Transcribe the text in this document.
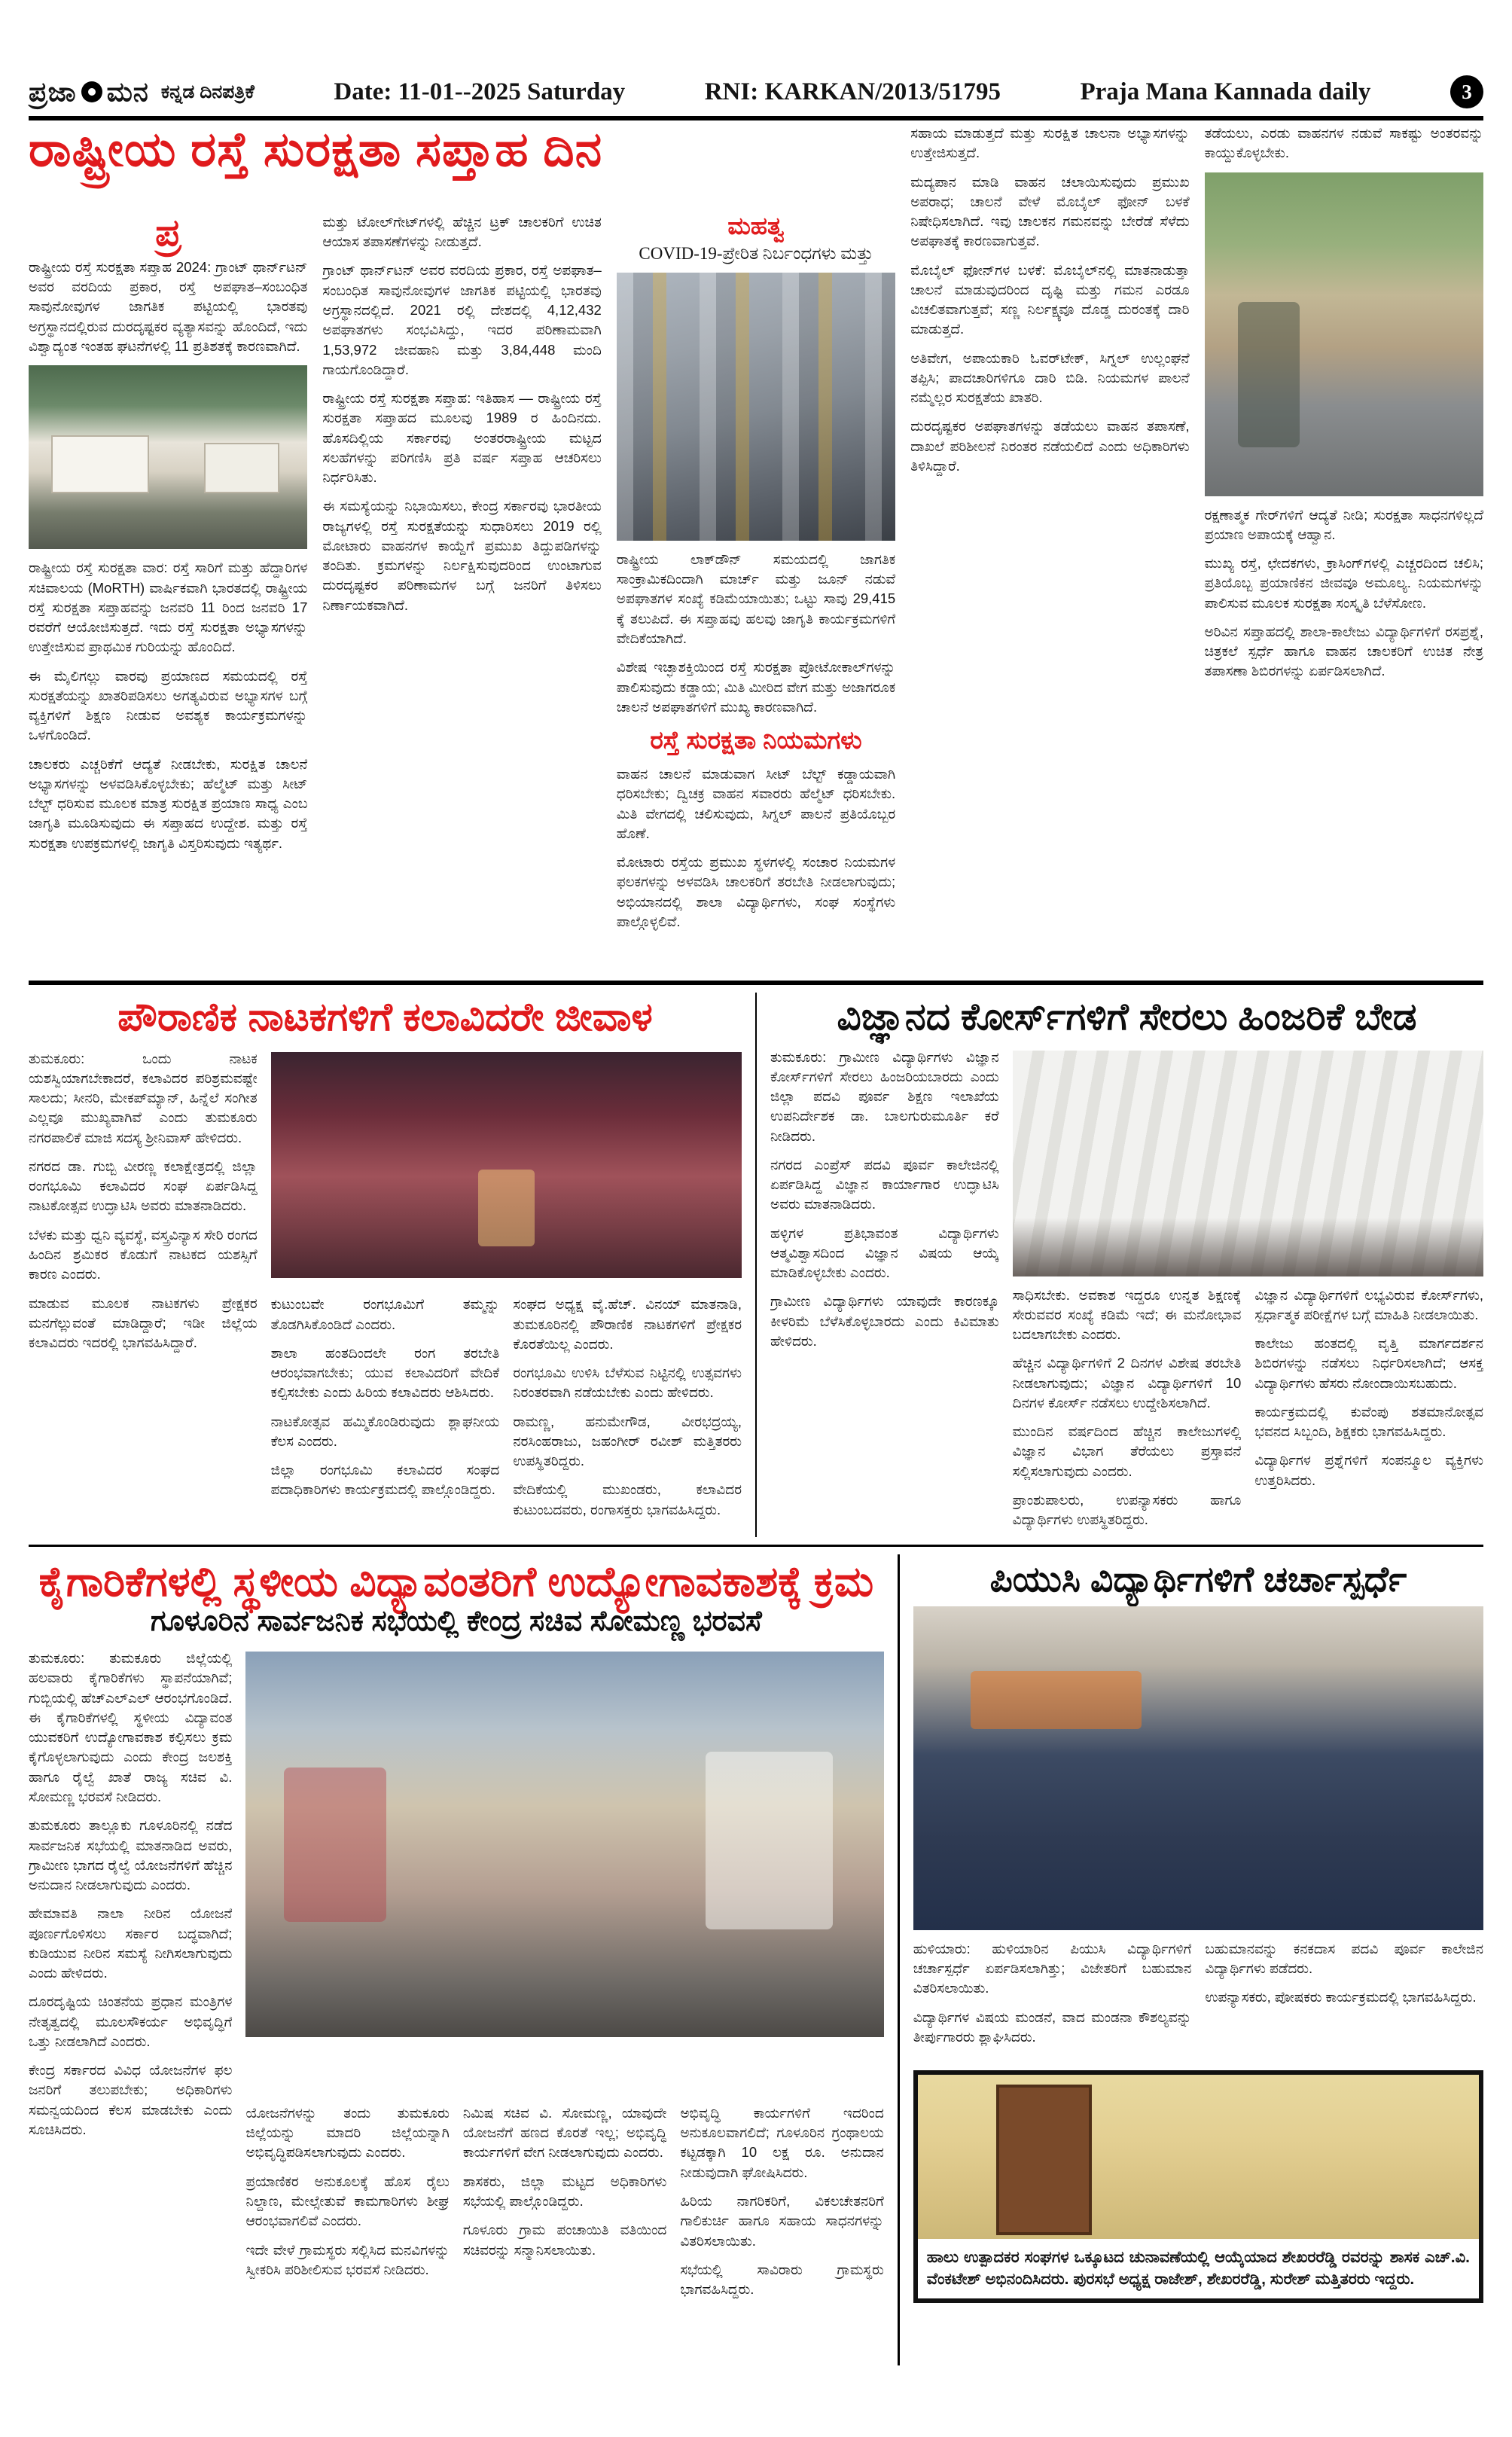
ಪ್ರಜಾ ಮನ ಕನ್ನಡ ದಿನಪತ್ರಿಕೆ	Date: 11-01--2025 Saturday	RNI: KARKAN/2013/51795	Praja Mana Kannada daily	3
ರಾಷ್ಟ್ರೀಯ ರಸ್ತೆ ಸುರಕ್ಷತಾ ಸಪ್ತಾಹ ದಿನ
ಪ್ರ

ರಾಷ್ಟ್ರೀಯ ರಸ್ತೆ ಸುರಕ್ಷತಾ ಸಪ್ತಾಹ 2024: ಗ್ರಾಂಟ್ ಥಾರ್ನ್‌ಟನ್ ಅವರ ವರದಿಯ ಪ್ರಕಾರ, ರಸ್ತೆ ಅಪಘಾತ–ಸಂಬಂಧಿತ ಸಾವುನೋವುಗಳ ಜಾಗತಿಕ ಪಟ್ಟಿಯಲ್ಲಿ ಭಾರತವು ಅಗ್ರಸ್ಥಾನದಲ್ಲಿರುವ ದುರದೃಷ್ಟಕರ ವ್ಯತ್ಯಾಸವನ್ನು ಹೊಂದಿದೆ, ಇದು ವಿಶ್ವಾದ್ಯಂತ ಇಂತಹ ಘಟನೆಗಳಲ್ಲಿ 11 ಪ್ರತಿಶತಕ್ಕೆ ಕಾರಣವಾಗಿದೆ.

ರಾಷ್ಟ್ರೀಯ ರಸ್ತೆ ಸುರಕ್ಷತಾ ವಾರ: ರಸ್ತೆ ಸಾರಿಗೆ ಮತ್ತು ಹೆದ್ದಾರಿಗಳ ಸಚಿವಾಲಯ (MoRTH) ವಾರ್ಷಿಕವಾಗಿ ಭಾರತದಲ್ಲಿ ರಾಷ್ಟ್ರೀಯ ರಸ್ತೆ ಸುರಕ್ಷತಾ ಸಪ್ತಾಹವನ್ನು ಜನವರಿ 11 ರಿಂದ ಜನವರಿ 17 ರವರೆಗೆ ಆಯೋಜಿಸುತ್ತದೆ. ಇದು ರಸ್ತೆ ಸುರಕ್ಷತಾ ಅಭ್ಯಾಸಗಳನ್ನು ಉತ್ತೇಜಿಸುವ ಪ್ರಾಥಮಿಕ ಗುರಿಯನ್ನು ಹೊಂದಿದೆ.

ಈ ಮೈಲಿಗಲ್ಲು ವಾರವು ಪ್ರಯಾಣದ ಸಮಯದಲ್ಲಿ ರಸ್ತೆ ಸುರಕ್ಷತೆಯನ್ನು ಖಾತರಿಪಡಿಸಲು ಅಗತ್ಯವಿರುವ ಅಭ್ಯಾಸಗಳ ಬಗ್ಗೆ ವ್ಯಕ್ತಿಗಳಿಗೆ ಶಿಕ್ಷಣ ನೀಡುವ ಅವಶ್ಯಕ ಕಾರ್ಯಕ್ರಮಗಳನ್ನು ಒಳಗೊಂಡಿದೆ.

ಚಾಲಕರು ಎಚ್ಚರಿಕೆಗೆ ಆದ್ಯತೆ ನೀಡಬೇಕು, ಸುರಕ್ಷಿತ ಚಾಲನೆ ಅಭ್ಯಾಸಗಳನ್ನು ಅಳವಡಿಸಿಕೊಳ್ಳಬೇಕು; ಹೆಲ್ಮೆಟ್ ಮತ್ತು ಸೀಟ್ ಬೆಲ್ಟ್ ಧರಿಸುವ ಮೂಲಕ ಮಾತ್ರ ಸುರಕ್ಷಿತ ಪ್ರಯಾಣ ಸಾಧ್ಯ ಎಂಬ ಜಾಗೃತಿ ಮೂಡಿಸುವುದು ಈ ಸಪ್ತಾಹದ ಉದ್ದೇಶ. ಮತ್ತು ರಸ್ತೆ ಸುರಕ್ಷತಾ ಉಪಕ್ರಮಗಳಲ್ಲಿ ಜಾಗೃತಿ ವಿಸ್ತರಿಸುವುದು ಇತ್ಯರ್ಥ.

ಮತ್ತು ಟೋಲ್‌ಗೇಟ್‌ಗಳಲ್ಲಿ ಹೆಚ್ಚಿನ ಟ್ರಕ್ ಚಾಲಕರಿಗೆ ಉಚಿತ ಆಯಾಸ ತಪಾಸಣೆಗಳನ್ನು ನೀಡುತ್ತದೆ.

ಗ್ರಾಂಟ್ ಥಾರ್ನ್‌ಟನ್ ಅವರ ವರದಿಯ ಪ್ರಕಾರ, ರಸ್ತೆ ಅಪಘಾತ–ಸಂಬಂಧಿತ ಸಾವುನೋವುಗಳ ಜಾಗತಿಕ ಪಟ್ಟಿಯಲ್ಲಿ ಭಾರತವು ಅಗ್ರಸ್ಥಾನದಲ್ಲಿದೆ. 2021 ರಲ್ಲಿ ದೇಶದಲ್ಲಿ 4,12,432 ಅಪಘಾತಗಳು ಸಂಭವಿಸಿದ್ದು, ಇದರ ಪರಿಣಾಮವಾಗಿ 1,53,972 ಜೀವಹಾನಿ ಮತ್ತು 3,84,448 ಮಂದಿ ಗಾಯಗೊಂಡಿದ್ದಾರೆ.

ರಾಷ್ಟ್ರೀಯ ರಸ್ತೆ ಸುರಕ್ಷತಾ ಸಪ್ತಾಹ: ಇತಿಹಾಸ — ರಾಷ್ಟ್ರೀಯ ರಸ್ತೆ ಸುರಕ್ಷತಾ ಸಪ್ತಾಹದ ಮೂಲವು 1989 ರ ಹಿಂದಿನದು. ಹೊಸದಿಲ್ಲಿಯ ಸರ್ಕಾರವು ಅಂತರರಾಷ್ಟ್ರೀಯ ಮಟ್ಟದ ಸಲಹೆಗಳನ್ನು ಪರಿಗಣಿಸಿ ಪ್ರತಿ ವರ್ಷ ಸಪ್ತಾಹ ಆಚರಿಸಲು ನಿರ್ಧರಿಸಿತು.

ಈ ಸಮಸ್ಯೆಯನ್ನು ನಿಭಾಯಿಸಲು, ಕೇಂದ್ರ ಸರ್ಕಾರವು ಭಾರತೀಯ ರಾಜ್ಯಗಳಲ್ಲಿ ರಸ್ತೆ ಸುರಕ್ಷತೆಯನ್ನು ಸುಧಾರಿಸಲು 2019 ರಲ್ಲಿ ಮೋಟಾರು ವಾಹನಗಳ ಕಾಯ್ದೆಗೆ ಪ್ರಮುಖ ತಿದ್ದುಪಡಿಗಳನ್ನು ತಂದಿತು. ಕ್ರಮಗಳನ್ನು ನಿರ್ಲಕ್ಷಿಸುವುದರಿಂದ ಉಂಟಾಗುವ ದುರದೃಷ್ಟಕರ ಪರಿಣಾಮಗಳ ಬಗ್ಗೆ ಜನರಿಗೆ ತಿಳಿಸಲು ನಿರ್ಣಾಯಕವಾಗಿದೆ.

ಮಹತ್ವ
COVID-19-ಪ್ರೇರಿತ ನಿರ್ಬಂಧಗಳು ಮತ್ತು

ರಾಷ್ಟ್ರೀಯ ಲಾಕ್‌ಡೌನ್ ಸಮಯದಲ್ಲಿ ಜಾಗತಿಕ ಸಾಂಕ್ರಾಮಿಕದಿಂದಾಗಿ ಮಾರ್ಚ್ ಮತ್ತು ಜೂನ್ ನಡುವೆ ಅಪಘಾತಗಳ ಸಂಖ್ಯೆ ಕಡಿಮೆಯಾಯಿತು; ಒಟ್ಟು ಸಾವು 29,415 ಕ್ಕೆ ತಲುಪಿದೆ. ಈ ಸಪ್ತಾಹವು ಹಲವು ಜಾಗೃತಿ ಕಾರ್ಯಕ್ರಮಗಳಿಗೆ ವೇದಿಕೆಯಾಗಿದೆ.

ವಿಶೇಷ ಇಚ್ಛಾಶಕ್ತಿಯಿಂದ ರಸ್ತೆ ಸುರಕ್ಷತಾ ಪ್ರೋಟೋಕಾಲ್‌ಗಳನ್ನು ಪಾಲಿಸುವುದು ಕಡ್ಡಾಯ; ಮಿತಿ ಮೀರಿದ ವೇಗ ಮತ್ತು ಅಜಾಗರೂಕ ಚಾಲನೆ ಅಪಘಾತಗಳಿಗೆ ಮುಖ್ಯ ಕಾರಣವಾಗಿದೆ.

ರಸ್ತೆ ಸುರಕ್ಷತಾ ನಿಯಮಗಳು

ವಾಹನ ಚಾಲನೆ ಮಾಡುವಾಗ ಸೀಟ್ ಬೆಲ್ಟ್ ಕಡ್ಡಾಯವಾಗಿ ಧರಿಸಬೇಕು; ದ್ವಿಚಕ್ರ ವಾಹನ ಸವಾರರು ಹೆಲ್ಮೆಟ್ ಧರಿಸಬೇಕು. ಮಿತಿ ವೇಗದಲ್ಲಿ ಚಲಿಸುವುದು, ಸಿಗ್ನಲ್ ಪಾಲನೆ ಪ್ರತಿಯೊಬ್ಬರ ಹೊಣೆ.

ಮೋಟಾರು ರಸ್ತೆಯ ಪ್ರಮುಖ ಸ್ಥಳಗಳಲ್ಲಿ ಸಂಚಾರ ನಿಯಮಗಳ ಫಲಕಗಳನ್ನು ಅಳವಡಿಸಿ ಚಾಲಕರಿಗೆ ತರಬೇತಿ ನೀಡಲಾಗುವುದು; ಅಭಿಯಾನದಲ್ಲಿ ಶಾಲಾ ವಿದ್ಯಾರ್ಥಿಗಳು, ಸಂಘ ಸಂಸ್ಥೆಗಳು ಪಾಲ್ಗೊಳ್ಳಲಿವೆ.

ಸಹಾಯ ಮಾಡುತ್ತದೆ ಮತ್ತು ಸುರಕ್ಷಿತ ಚಾಲನಾ ಅಭ್ಯಾಸಗಳನ್ನು ಉತ್ತೇಜಿಸುತ್ತದೆ.

ಮದ್ಯಪಾನ ಮಾಡಿ ವಾಹನ ಚಲಾಯಿಸುವುದು ಪ್ರಮುಖ ಅಪರಾಧ; ಚಾಲನೆ ವೇಳೆ ಮೊಬೈಲ್ ಫೋನ್ ಬಳಕೆ ನಿಷೇಧಿಸಲಾಗಿದೆ. ಇವು ಚಾಲಕನ ಗಮನವನ್ನು ಬೇರೆಡೆ ಸೆಳೆದು ಅಪಘಾತಕ್ಕೆ ಕಾರಣವಾಗುತ್ತವೆ.

ಮೊಬೈಲ್ ಫೋನ್‌ಗಳ ಬಳಕೆ: ಮೊಬೈಲ್‌ನಲ್ಲಿ ಮಾತನಾಡುತ್ತಾ ಚಾಲನೆ ಮಾಡುವುದರಿಂದ ದೃಷ್ಟಿ ಮತ್ತು ಗಮನ ಎರಡೂ ವಿಚಲಿತವಾಗುತ್ತವೆ; ಸಣ್ಣ ನಿರ್ಲಕ್ಷ್ಯವೂ ದೊಡ್ಡ ದುರಂತಕ್ಕೆ ದಾರಿ ಮಾಡುತ್ತದೆ.

ಅತಿವೇಗ, ಅಪಾಯಕಾರಿ ಓವರ್‌ಟೇಕ್, ಸಿಗ್ನಲ್ ಉಲ್ಲಂಘನೆ ತಪ್ಪಿಸಿ; ಪಾದಚಾರಿಗಳಿಗೂ ದಾರಿ ಬಿಡಿ. ನಿಯಮಗಳ ಪಾಲನೆ ನಮ್ಮೆಲ್ಲರ ಸುರಕ್ಷತೆಯ ಖಾತರಿ.

ದುರದೃಷ್ಟಕರ ಅಪಘಾತಗಳನ್ನು ತಡೆಯಲು ವಾಹನ ತಪಾಸಣೆ, ದಾಖಲೆ ಪರಿಶೀಲನೆ ನಿರಂತರ ನಡೆಯಲಿದೆ ಎಂದು ಅಧಿಕಾರಿಗಳು ತಿಳಿಸಿದ್ದಾರೆ.

ತಡೆಯಲು, ಎರಡು ವಾಹನಗಳ ನಡುವೆ ಸಾಕಷ್ಟು ಅಂತರವನ್ನು ಕಾಯ್ದುಕೊಳ್ಳಬೇಕು.

ರಕ್ಷಣಾತ್ಮಕ ಗೇರ್‌ಗಳಿಗೆ ಆದ್ಯತೆ ನೀಡಿ; ಸುರಕ್ಷತಾ ಸಾಧನಗಳಿಲ್ಲದೆ ಪ್ರಯಾಣ ಅಪಾಯಕ್ಕೆ ಆಹ್ವಾನ.

ಮುಖ್ಯ ರಸ್ತೆ, ಛೇದಕಗಳು, ಕ್ರಾಸಿಂಗ್‌ಗಳಲ್ಲಿ ಎಚ್ಚರದಿಂದ ಚಲಿಸಿ; ಪ್ರತಿಯೊಬ್ಬ ಪ್ರಯಾಣಿಕನ ಜೀವವೂ ಅಮೂಲ್ಯ. ನಿಯಮಗಳನ್ನು ಪಾಲಿಸುವ ಮೂಲಕ ಸುರಕ್ಷತಾ ಸಂಸ್ಕೃತಿ ಬೆಳೆಸೋಣ.

ಅರಿವಿನ ಸಪ್ತಾಹದಲ್ಲಿ ಶಾಲಾ-ಕಾಲೇಜು ವಿದ್ಯಾರ್ಥಿಗಳಿಗೆ ರಸಪ್ರಶ್ನೆ, ಚಿತ್ರಕಲೆ ಸ್ಪರ್ಧೆ ಹಾಗೂ ವಾಹನ ಚಾಲಕರಿಗೆ ಉಚಿತ ನೇತ್ರ ತಪಾಸಣಾ ಶಿಬಿರಗಳನ್ನು ಏರ್ಪಡಿಸಲಾಗಿದೆ.

ಪೌರಾಣಿಕ ನಾಟಕಗಳಿಗೆ ಕಲಾವಿದರೇ ಜೀವಾಳ

ತುಮಕೂರು: ಒಂದು ನಾಟಕ ಯಶಸ್ವಿಯಾಗಬೇಕಾದರೆ, ಕಲಾವಿದರ ಪರಿಶ್ರಮವಷ್ಟೇ ಸಾಲದು; ಸೀನರಿ, ಮೇಕಪ್‌ಮ್ಯಾನ್, ಹಿನ್ನೆಲೆ ಸಂಗೀತ ಎಲ್ಲವೂ ಮುಖ್ಯವಾಗಿವೆ ಎಂದು ತುಮಕೂರು ನಗರಪಾಲಿಕೆ ಮಾಜಿ ಸದಸ್ಯ ಶ್ರೀನಿವಾಸ್ ಹೇಳಿದರು.

ನಗರದ ಡಾ. ಗುಬ್ಬಿ ವೀರಣ್ಣ ಕಲಾಕ್ಷೇತ್ರದಲ್ಲಿ ಜಿಲ್ಲಾ ರಂಗಭೂಮಿ ಕಲಾವಿದರ ಸಂಘ ಏರ್ಪಡಿಸಿದ್ದ ನಾಟಕೋತ್ಸವ ಉದ್ಘಾಟಿಸಿ ಅವರು ಮಾತನಾಡಿದರು.

ಬೆಳಕು ಮತ್ತು ಧ್ವನಿ ವ್ಯವಸ್ಥೆ, ವಸ್ತ್ರವಿನ್ಯಾಸ ಸೇರಿ ರಂಗದ ಹಿಂದಿನ ಶ್ರಮಿಕರ ಕೊಡುಗೆ ನಾಟಕದ ಯಶಸ್ಸಿಗೆ ಕಾರಣ ಎಂದರು.

ಮಾಡುವ ಮೂಲಕ ನಾಟಕಗಳು ಪ್ರೇಕ್ಷಕರ ಮನಗೆಲ್ಲುವಂತೆ ಮಾಡಿದ್ದಾರೆ; ಇಡೀ ಜಿಲ್ಲೆಯ ಕಲಾವಿದರು ಇದರಲ್ಲಿ ಭಾಗವಹಿಸಿದ್ದಾರೆ.

ಕುಟುಂಬವೇ ರಂಗಭೂಮಿಗೆ ತಮ್ಮನ್ನು ತೊಡಗಿಸಿಕೊಂಡಿದೆ ಎಂದರು.

ಶಾಲಾ ಹಂತದಿಂದಲೇ ರಂಗ ತರಬೇತಿ ಆರಂಭವಾಗಬೇಕು; ಯುವ ಕಲಾವಿದರಿಗೆ ವೇದಿಕೆ ಕಲ್ಪಿಸಬೇಕು ಎಂದು ಹಿರಿಯ ಕಲಾವಿದರು ಆಶಿಸಿದರು.

ನಾಟಕೋತ್ಸವ ಹಮ್ಮಿಕೊಂಡಿರುವುದು ಶ್ಲಾಘನೀಯ ಕೆಲಸ ಎಂದರು.

ಜಿಲ್ಲಾ ರಂಗಭೂಮಿ ಕಲಾವಿದರ ಸಂಘದ ಪದಾಧಿಕಾರಿಗಳು ಕಾರ್ಯಕ್ರಮದಲ್ಲಿ ಪಾಲ್ಗೊಂಡಿದ್ದರು.

ಸಂಘದ ಅಧ್ಯಕ್ಷ ವೈ.ಹೆಚ್. ವಿನಯ್ ಮಾತನಾಡಿ, ತುಮಕೂರಿನಲ್ಲಿ ಪೌರಾಣಿಕ ನಾಟಕಗಳಿಗೆ ಪ್ರೇಕ್ಷಕರ ಕೊರತೆಯಿಲ್ಲ ಎಂದರು.

ರಂಗಭೂಮಿ ಉಳಿಸಿ ಬೆಳೆಸುವ ನಿಟ್ಟಿನಲ್ಲಿ ಉತ್ಸವಗಳು ನಿರಂತರವಾಗಿ ನಡೆಯಬೇಕು ಎಂದು ಹೇಳಿದರು.

ರಾಮಣ್ಣ, ಹನುಮೇಗೌಡ, ವೀರಭದ್ರಯ್ಯ, ನರಸಿಂಹರಾಜು, ಜಹಂಗೀರ್ ರವೀಶ್ ಮತ್ತಿತರರು ಉಪಸ್ಥಿತರಿದ್ದರು.

ವೇದಿಕೆಯಲ್ಲಿ ಮುಖಂಡರು, ಕಲಾವಿದರ ಕುಟುಂಬದವರು, ರಂಗಾಸಕ್ತರು ಭಾಗವಹಿಸಿದ್ದರು.

ವಿಜ್ಞಾನದ ಕೋರ್ಸ್‌ಗಳಿಗೆ ಸೇರಲು ಹಿಂಜರಿಕೆ ಬೇಡ

ತುಮಕೂರು: ಗ್ರಾಮೀಣ ವಿದ್ಯಾರ್ಥಿಗಳು ವಿಜ್ಞಾನ ಕೋರ್ಸ್‌ಗಳಿಗೆ ಸೇರಲು ಹಿಂಜರಿಯಬಾರದು ಎಂದು ಜಿಲ್ಲಾ ಪದವಿ ಪೂರ್ವ ಶಿಕ್ಷಣ ಇಲಾಖೆಯ ಉಪನಿರ್ದೇಶಕ ಡಾ. ಬಾಲಗುರುಮೂರ್ತಿ ಕರೆ ನೀಡಿದರು.

ನಗರದ ಎಂಪ್ರೆಸ್ ಪದವಿ ಪೂರ್ವ ಕಾಲೇಜಿನಲ್ಲಿ ಏರ್ಪಡಿಸಿದ್ದ ವಿಜ್ಞಾನ ಕಾರ್ಯಾಗಾರ ಉದ್ಘಾಟಿಸಿ ಅವರು ಮಾತನಾಡಿದರು.

ಹಳ್ಳಿಗಳ ಪ್ರತಿಭಾವಂತ ವಿದ್ಯಾರ್ಥಿಗಳು ಆತ್ಮವಿಶ್ವಾಸದಿಂದ ವಿಜ್ಞಾನ ವಿಷಯ ಆಯ್ಕೆ ಮಾಡಿಕೊಳ್ಳಬೇಕು ಎಂದರು.

ಗ್ರಾಮೀಣ ವಿದ್ಯಾರ್ಥಿಗಳು ಯಾವುದೇ ಕಾರಣಕ್ಕೂ ಕೀಳರಿಮೆ ಬೆಳೆಸಿಕೊಳ್ಳಬಾರದು ಎಂದು ಕಿವಿಮಾತು ಹೇಳಿದರು.

ಸಾಧಿಸಬೇಕು. ಅವಕಾಶ ಇದ್ದರೂ ಉನ್ನತ ಶಿಕ್ಷಣಕ್ಕೆ ಸೇರುವವರ ಸಂಖ್ಯೆ ಕಡಿಮೆ ಇದೆ; ಈ ಮನೋಭಾವ ಬದಲಾಗಬೇಕು ಎಂದರು.

ಹೆಚ್ಚಿನ ವಿದ್ಯಾರ್ಥಿಗಳಿಗೆ 2 ದಿನಗಳ ವಿಶೇಷ ತರಬೇತಿ ನೀಡಲಾಗುವುದು; ವಿಜ್ಞಾನ ವಿದ್ಯಾರ್ಥಿಗಳಿಗೆ 10 ದಿನಗಳ ಕೋರ್ಸ್ ನಡೆಸಲು ಉದ್ದೇಶಿಸಲಾಗಿದೆ.

ಮುಂದಿನ ವರ್ಷದಿಂದ ಹೆಚ್ಚಿನ ಕಾಲೇಜುಗಳಲ್ಲಿ ವಿಜ್ಞಾನ ವಿಭಾಗ ತೆರೆಯಲು ಪ್ರಸ್ತಾವನೆ ಸಲ್ಲಿಸಲಾಗುವುದು ಎಂದರು.

ಪ್ರಾಂಶುಪಾಲರು, ಉಪನ್ಯಾಸಕರು ಹಾಗೂ ವಿದ್ಯಾರ್ಥಿಗಳು ಉಪಸ್ಥಿತರಿದ್ದರು.

ವಿಜ್ಞಾನ ವಿದ್ಯಾರ್ಥಿಗಳಿಗೆ ಲಭ್ಯವಿರುವ ಕೋರ್ಸ್‌ಗಳು, ಸ್ಪರ್ಧಾತ್ಮಕ ಪರೀಕ್ಷೆಗಳ ಬಗ್ಗೆ ಮಾಹಿತಿ ನೀಡಲಾಯಿತು.

ಕಾಲೇಜು ಹಂತದಲ್ಲಿ ವೃತ್ತಿ ಮಾರ್ಗದರ್ಶನ ಶಿಬಿರಗಳನ್ನು ನಡೆಸಲು ನಿರ್ಧರಿಸಲಾಗಿದೆ; ಆಸಕ್ತ ವಿದ್ಯಾರ್ಥಿಗಳು ಹೆಸರು ನೋಂದಾಯಿಸಬಹುದು.

ಕಾರ್ಯಕ್ರಮದಲ್ಲಿ ಕುವೆಂಪು ಶತಮಾನೋತ್ಸವ ಭವನದ ಸಿಬ್ಬಂದಿ, ಶಿಕ್ಷಕರು ಭಾಗವಹಿಸಿದ್ದರು.

ವಿದ್ಯಾರ್ಥಿಗಳ ಪ್ರಶ್ನೆಗಳಿಗೆ ಸಂಪನ್ಮೂಲ ವ್ಯಕ್ತಿಗಳು ಉತ್ತರಿಸಿದರು.

ಕೈಗಾರಿಕೆಗಳಲ್ಲಿ ಸ್ಥಳೀಯ ವಿದ್ಯಾವಂತರಿಗೆ ಉದ್ಯೋಗಾವಕಾಶಕ್ಕೆ ಕ್ರಮ
ಗೂಳೂರಿನ ಸಾರ್ವಜನಿಕ ಸಭೆಯಲ್ಲಿ ಕೇಂದ್ರ ಸಚಿವ ಸೋಮಣ್ಣ ಭರವಸೆ

ತುಮಕೂರು: ತುಮಕೂರು ಜಿಲ್ಲೆಯಲ್ಲಿ ಹಲವಾರು ಕೈಗಾರಿಕೆಗಳು ಸ್ಥಾಪನೆಯಾಗಿವೆ; ಗುಬ್ಬಿಯಲ್ಲಿ ಹೆಚ್‌ಎಲ್‌ಎಲ್ ಆರಂಭಗೊಂಡಿದೆ. ಈ ಕೈಗಾರಿಕೆಗಳಲ್ಲಿ ಸ್ಥಳೀಯ ವಿದ್ಯಾವಂತ ಯುವಕರಿಗೆ ಉದ್ಯೋಗಾವಕಾಶ ಕಲ್ಪಿಸಲು ಕ್ರಮ ಕೈಗೊಳ್ಳಲಾಗುವುದು ಎಂದು ಕೇಂದ್ರ ಜಲಶಕ್ತಿ ಹಾಗೂ ರೈಲ್ವೆ ಖಾತೆ ರಾಜ್ಯ ಸಚಿವ ವಿ. ಸೋಮಣ್ಣ ಭರವಸೆ ನೀಡಿದರು.

ತುಮಕೂರು ತಾಲ್ಲೂಕು ಗೂಳೂರಿನಲ್ಲಿ ನಡೆದ ಸಾರ್ವಜನಿಕ ಸಭೆಯಲ್ಲಿ ಮಾತನಾಡಿದ ಅವರು, ಗ್ರಾಮೀಣ ಭಾಗದ ರೈಲ್ವೆ ಯೋಜನೆಗಳಿಗೆ ಹೆಚ್ಚಿನ ಅನುದಾನ ನೀಡಲಾಗುವುದು ಎಂದರು.

ಹೇಮಾವತಿ ನಾಲಾ ನೀರಿನ ಯೋಜನೆ ಪೂರ್ಣಗೊಳಿಸಲು ಸರ್ಕಾರ ಬದ್ಧವಾಗಿದೆ; ಕುಡಿಯುವ ನೀರಿನ ಸಮಸ್ಯೆ ನೀಗಿಸಲಾಗುವುದು ಎಂದು ಹೇಳಿದರು.

ದೂರದೃಷ್ಟಿಯ ಚಿಂತನೆಯ ಪ್ರಧಾನ ಮಂತ್ರಿಗಳ ನೇತೃತ್ವದಲ್ಲಿ ಮೂಲಸೌಕರ್ಯ ಅಭಿವೃದ್ಧಿಗೆ ಒತ್ತು ನೀಡಲಾಗಿದೆ ಎಂದರು.

ಕೇಂದ್ರ ಸರ್ಕಾರದ ವಿವಿಧ ಯೋಜನೆಗಳ ಫಲ ಜನರಿಗೆ ತಲುಪಬೇಕು; ಅಧಿಕಾರಿಗಳು ಸಮನ್ವಯದಿಂದ ಕೆಲಸ ಮಾಡಬೇಕು ಎಂದು ಸೂಚಿಸಿದರು.

ಯೋಜನೆಗಳನ್ನು ತಂದು ತುಮಕೂರು ಜಿಲ್ಲೆಯನ್ನು ಮಾದರಿ ಜಿಲ್ಲೆಯನ್ನಾಗಿ ಅಭಿವೃದ್ಧಿಪಡಿಸಲಾಗುವುದು ಎಂದರು.

ಪ್ರಯಾಣಿಕರ ಅನುಕೂಲಕ್ಕೆ ಹೊಸ ರೈಲು ನಿಲ್ದಾಣ, ಮೇಲ್ಸೇತುವೆ ಕಾಮಗಾರಿಗಳು ಶೀಘ್ರ ಆರಂಭವಾಗಲಿವೆ ಎಂದರು.

ಇದೇ ವೇಳೆ ಗ್ರಾಮಸ್ಥರು ಸಲ್ಲಿಸಿದ ಮನವಿಗಳನ್ನು ಸ್ವೀಕರಿಸಿ ಪರಿಶೀಲಿಸುವ ಭರವಸೆ ನೀಡಿದರು.

ನಿಮಿಷ ಸಚಿವ ವಿ. ಸೋಮಣ್ಣ, ಯಾವುದೇ ಯೋಜನೆಗೆ ಹಣದ ಕೊರತೆ ಇಲ್ಲ; ಅಭಿವೃದ್ಧಿ ಕಾರ್ಯಗಳಿಗೆ ವೇಗ ನೀಡಲಾಗುವುದು ಎಂದರು.

ಶಾಸಕರು, ಜಿಲ್ಲಾ ಮಟ್ಟದ ಅಧಿಕಾರಿಗಳು ಸಭೆಯಲ್ಲಿ ಪಾಲ್ಗೊಂಡಿದ್ದರು.

ಗೂಳೂರು ಗ್ರಾಮ ಪಂಚಾಯಿತಿ ವತಿಯಿಂದ ಸಚಿವರನ್ನು ಸನ್ಮಾನಿಸಲಾಯಿತು.

ಅಭಿವೃದ್ಧಿ ಕಾರ್ಯಗಳಿಗೆ ಇದರಿಂದ ಅನುಕೂಲವಾಗಲಿದೆ; ಗೂಳೂರಿನ ಗ್ರಂಥಾಲಯ ಕಟ್ಟಡಕ್ಕಾಗಿ 10 ಲಕ್ಷ ರೂ. ಅನುದಾನ ನೀಡುವುದಾಗಿ ಘೋಷಿಸಿದರು.

ಹಿರಿಯ ನಾಗರಿಕರಿಗೆ, ವಿಕಲಚೇತನರಿಗೆ ಗಾಲಿಕುರ್ಚಿ ಹಾಗೂ ಸಹಾಯ ಸಾಧನಗಳನ್ನು ವಿತರಿಸಲಾಯಿತು.

ಸಭೆಯಲ್ಲಿ ಸಾವಿರಾರು ಗ್ರಾಮಸ್ಥರು ಭಾಗವಹಿಸಿದ್ದರು.

ಪಿಯುಸಿ ವಿದ್ಯಾರ್ಥಿಗಳಿಗೆ ಚರ್ಚಾಸ್ಪರ್ಧೆ

ಹುಳಿಯಾರು: ಹುಳಿಯಾರಿನ ಪಿಯುಸಿ ವಿದ್ಯಾರ್ಥಿಗಳಿಗೆ ಚರ್ಚಾಸ್ಪರ್ಧೆ ಏರ್ಪಡಿಸಲಾಗಿತ್ತು; ವಿಜೇತರಿಗೆ ಬಹುಮಾನ ವಿತರಿಸಲಾಯಿತು.

ವಿದ್ಯಾರ್ಥಿಗಳ ವಿಷಯ ಮಂಡನೆ, ವಾದ ಮಂಡನಾ ಕೌಶಲ್ಯವನ್ನು ತೀರ್ಪುಗಾರರು ಶ್ಲಾಘಿಸಿದರು.

ಬಹುಮಾನವನ್ನು ಕನಕದಾಸ ಪದವಿ ಪೂರ್ವ ಕಾಲೇಜಿನ ವಿದ್ಯಾರ್ಥಿಗಳು ಪಡೆದರು.

ಉಪನ್ಯಾಸಕರು, ಪೋಷಕರು ಕಾರ್ಯಕ್ರಮದಲ್ಲಿ ಭಾಗವಹಿಸಿದ್ದರು.

ಹಾಲು ಉತ್ಪಾದಕರ ಸಂಘಗಳ ಒಕ್ಕೂಟದ ಚುನಾವಣೆಯಲ್ಲಿ ಆಯ್ಕೆಯಾದ ಶೇಖರರೆಡ್ಡಿ ರವರನ್ನು ಶಾಸಕ ಎಚ್.ವಿ. ವೆಂಕಟೇಶ್ ಅಭಿನಂದಿಸಿದರು. ಪುರಸಭೆ ಅಧ್ಯಕ್ಷ ರಾಜೇಶ್, ಶೇಖರರೆಡ್ಡಿ, ಸುರೇಶ್ ಮತ್ತಿತರರು ಇದ್ದರು.
